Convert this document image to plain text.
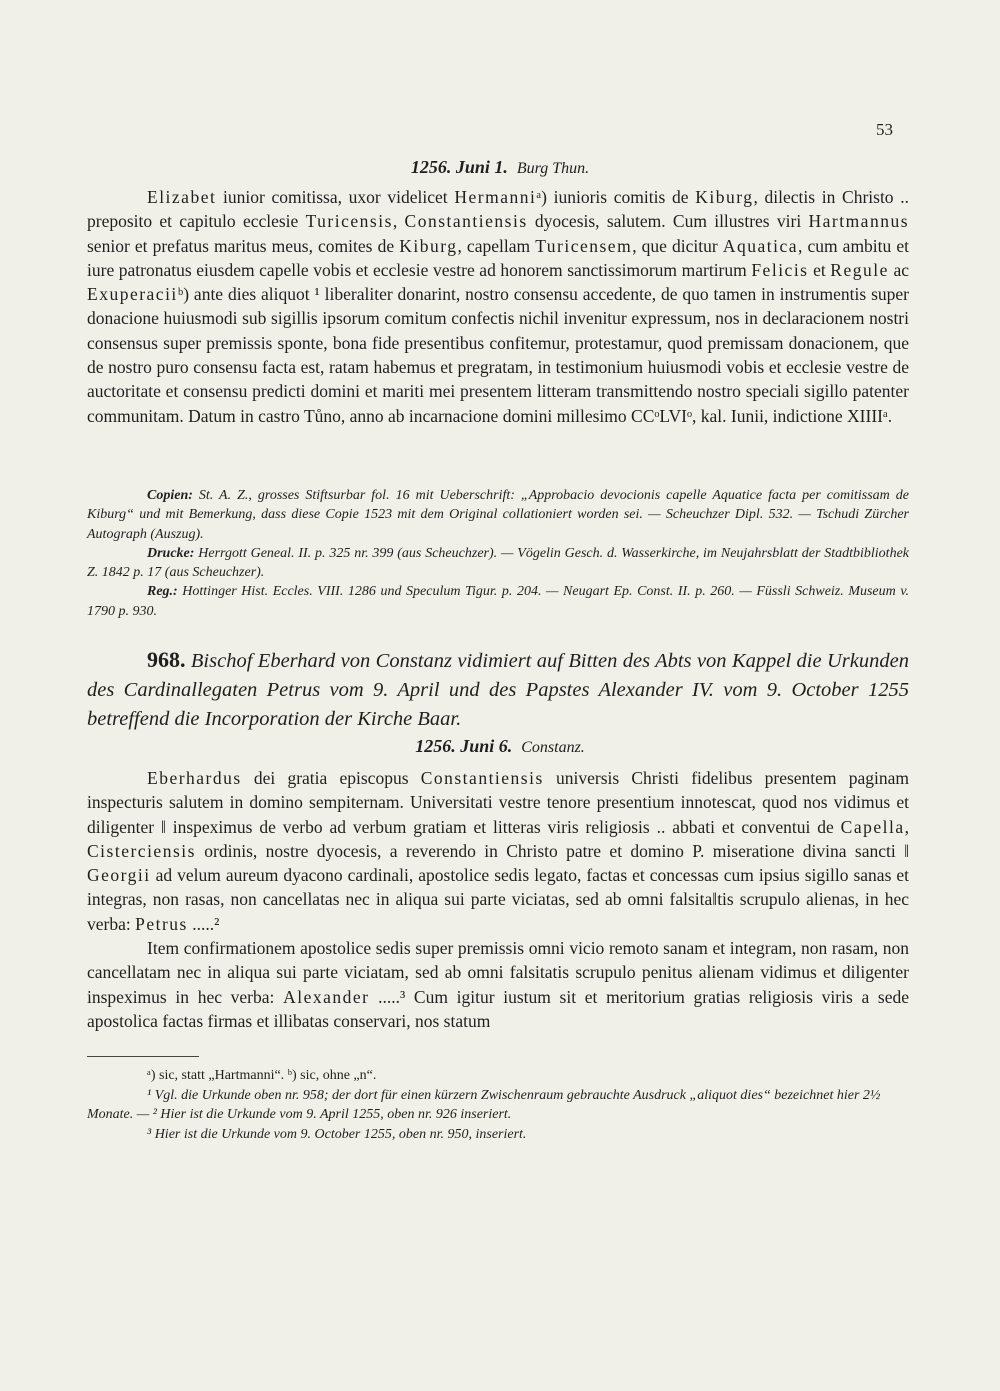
53
1256. Juni 1. Burg Thun.

Elizabet iunior comitissa, uxor videlicet Hermanniᵃ) iunioris comitis de Kiburg, dilectis in Christo .. preposito et capitulo ecclesie Turicensis, Constantiensis dyocesis, salutem. Cum illustres viri Hartmannus senior et prefatus maritus meus, comites de Kiburg, capellam Turicensem, que dicitur Aquatica, cum ambitu et iure patronatus eiusdem capelle vobis et ecclesie vestre ad honorem sanctissimorum martirum Felicis et Regule ac Exuperaciiᵇ) ante dies aliquot ¹ liberaliter donarint, nostro consensu accedente, de quo tamen in instrumentis super donacione huiusmodi sub sigillis ipsorum comitum confectis nichil invenitur expressum, nos in declaracionem nostri consensus super premissis sponte, bona fide presentibus confitemur, protestamur, quod premissam donacionem, que de nostro puro consensu facta est, ratam habemus et pregratam, in testimonium huiusmodi vobis et ecclesie vestre de auctoritate et consensu predicti domini et mariti mei presentem litteram transmittendo nostro speciali sigillo patenter communitam. Datum in castro Tůno, anno ab incarnacione domini millesimo CCᵒLVIᵒ, kal. Iunii, indictione XIIIIᵃ.

Copien: St. A. Z., grosses Stiftsurbar fol. 16 mit Ueberschrift: „Approbacio devocionis capelle Aquatice facta per comitissam de Kiburg“ und mit Bemerkung, dass diese Copie 1523 mit dem Original collationiert worden sei. — Scheuchzer Dipl. 532. — Tschudi Zürcher Autograph (Auszug).

Drucke: Herrgott Geneal. II. p. 325 nr. 399 (aus Scheuchzer). — Vögelin Gesch. d. Wasserkirche, im Neujahrsblatt der Stadtbibliothek Z. 1842 p. 17 (aus Scheuchzer).

Reg.: Hottinger Hist. Eccles. VIII. 1286 und Speculum Tigur. p. 204. — Neugart Ep. Const. II. p. 260. — Füssli Schweiz. Museum v. 1790 p. 930.

968. Bischof Eberhard von Constanz vidimiert auf Bitten des Abts von Kappel die Urkunden des Cardinallegaten Petrus vom 9. April und des Papstes Alexander IV. vom 9. October 1255 betreffend die Incorporation der Kirche Baar.
1256. Juni 6. Constanz.

Eberhardus dei gratia episcopus Constantiensis universis Christi fidelibus presentem paginam inspecturis salutem in domino sempiternam. Universitati vestre tenore presentium innotescat, quod nos vidimus et diligenter ‖ inspeximus de verbo ad verbum gratiam et litteras viris religiosis .. abbati et conventui de Capella, Cisterciensis ordinis, nostre dyocesis, a reverendo in Christo patre et domino P. miseratione divina sancti ‖ Georgii ad velum aureum dyacono cardinali, apostolice sedis legato, factas et concessas cum ipsius sigillo sanas et integras, non rasas, non cancellatas nec in aliqua sui parte viciatas, sed ab omni falsita‖tis scrupulo alienas, in hec verba: Petrus .....²

Item confirmationem apostolice sedis super premissis omni vicio remoto sanam et integram, non rasam, non cancellatam nec in aliqua sui parte viciatam, sed ab omni falsitatis scrupulo penitus alienam vidimus et diligenter inspeximus in hec verba: Alexander .....³ Cum igitur iustum sit et meritorium gratias religiosis viris a sede apostolica factas firmas et illibatas conservari, nos statum

ᵃ) sic, statt „Hartmanni“. ᵇ) sic, ohne „n“.

¹ Vgl. die Urkunde oben nr. 958; der dort für einen kürzern Zwischenraum gebrauchte Ausdruck „aliquot dies“ bezeichnet hier 2½ Monate. — ² Hier ist die Urkunde vom 9. April 1255, oben nr. 926 inseriert.

³ Hier ist die Urkunde vom 9. October 1255, oben nr. 950, inseriert.
